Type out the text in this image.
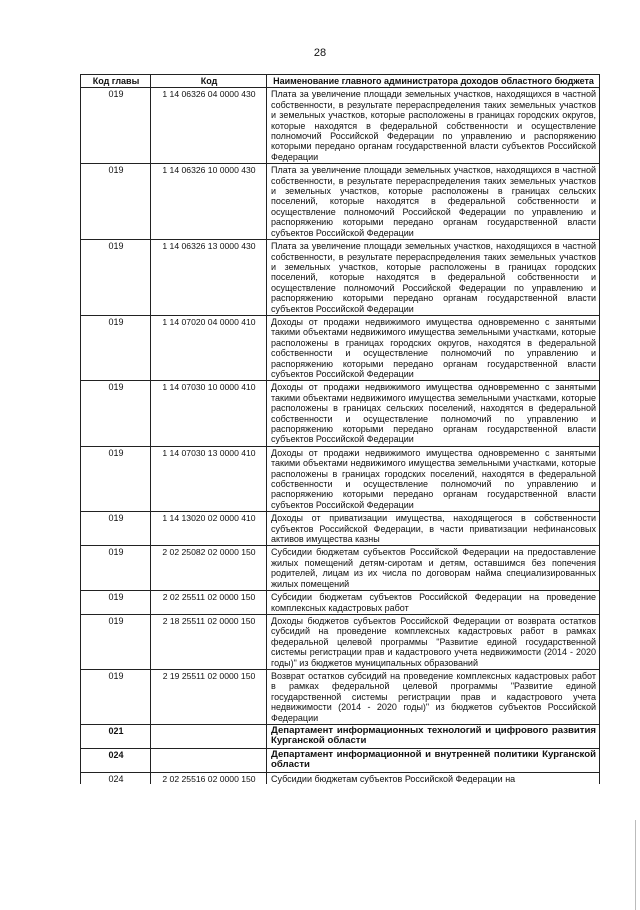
28
Код главы	Код	Наименование главного администратора доходов областного бюджета
019	1 14 06326 04 0000 430	Плата за увеличение площади земельных участков, находящихся в частной собственности, в результате перераспределения таких земельных участков и земельных участков, которые расположены в границах городских округов, которые находятся в федеральной собственности и осуществление полномочий Российской Федерации по управлению и распоряжению которыми передано органам государственной власти субъектов Российской Федерации
019	1 14 06326 10 0000 430	Плата за увеличение площади земельных участков, находящихся в частной собственности, в результате перераспределения таких земельных участков и земельных участков, которые расположены в границах сельских поселений, которые находятся в федеральной собственности и осуществление полномочий Российской Федерации по управлению и распоряжению которыми передано органам государственной власти субъектов Российской Федерации
019	1 14 06326 13 0000 430	Плата за увеличение площади земельных участков, находящихся в частной собственности, в результате перераспределения таких земельных участков и земельных участков, которые расположены в границах городских поселений, которые находятся в федеральной собственности и осуществление полномочий Российской Федерации по управлению и распоряжению которыми передано органам государственной власти субъектов Российской Федерации
019	1 14 07020 04 0000 410	Доходы от продажи недвижимого имущества одновременно с занятыми такими объектами недвижимого имущества земельными участками, которые расположены в границах городских округов, находятся в федеральной собственности и осуществление полномочий по управлению и распоряжению которыми передано органам государственной власти субъектов Российской Федерации
019	1 14 07030 10 0000 410	Доходы от продажи недвижимого имущества одновременно с занятыми такими объектами недвижимого имущества земельными участками, которые расположены в границах сельских поселений, находятся в федеральной собственности и осуществление полномочий по управлению и распоряжению которыми передано органам государственной власти субъектов Российской Федерации
019	1 14 07030 13 0000 410	Доходы от продажи недвижимого имущества одновременно с занятыми такими объектами недвижимого имущества земельными участками, которые расположены в границах городских поселений, находятся в федеральной собственности и осуществление полномочий по управлению и распоряжению которыми передано органам государственной власти субъектов Российской Федерации
019	1 14 13020 02 0000 410	Доходы от приватизации имущества, находящегося в собственности субъектов Российской Федерации, в части приватизации нефинансовых активов имущества казны
019	2 02 25082 02 0000 150	Субсидии бюджетам субъектов Российской Федерации на предоставление жилых помещений детям-сиротам и детям, оставшимся без попечения родителей, лицам из их числа по договорам найма специализированных жилых помещений
019	2 02 25511 02 0000 150	Субсидии бюджетам субъектов Российской Федерации на проведение комплексных кадастровых работ
019	2 18 25511 02 0000 150	Доходы бюджетов субъектов Российской Федерации от возврата остатков субсидий на проведение комплексных кадастровых работ в рамках федеральной целевой программы "Развитие единой государственной системы регистрации прав и кадастрового учета недвижимости (2014 - 2020 годы)" из бюджетов муниципальных образований
019	2 19 25511 02 0000 150	Возврат остатков субсидий на проведение комплексных кадастровых работ в рамках федеральной целевой программы "Развитие единой государственной системы регистрации прав и кадастрового учета недвижимости (2014 - 2020 годы)" из бюджетов субъектов Российской Федерации
021		Департамент информационных технологий и цифрового развития Курганской области
024		Департамент информационной и внутренней политики Курганской области
024	2 02 25516 02 0000 150	Субсидии бюджетам субъектов Российской Федерации на
